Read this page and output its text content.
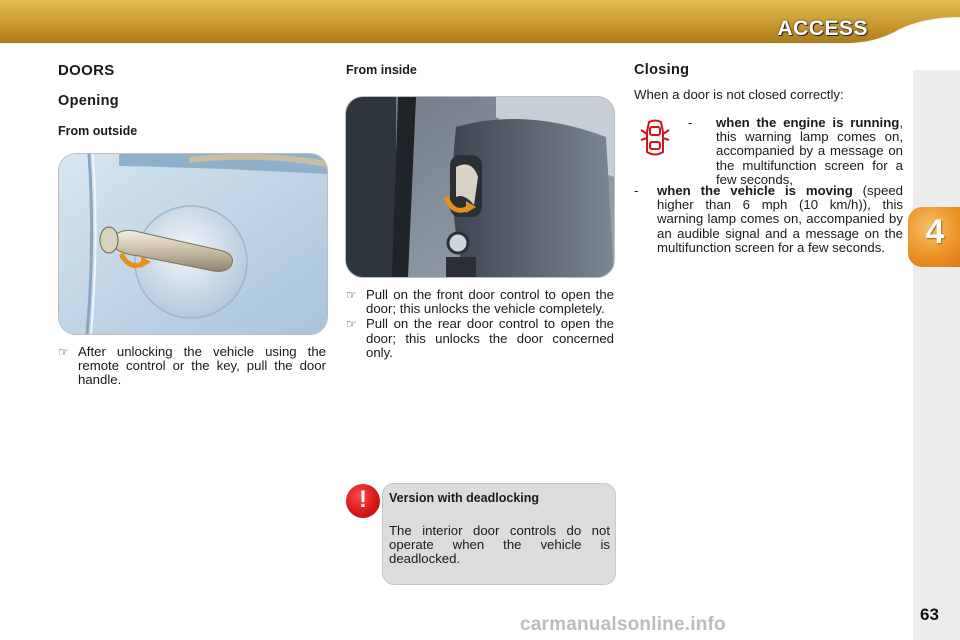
ACCESS
4
63
DOORS
Opening
From outside
☞ After unlocking the vehicle using the remote control or the key, pull the door handle.
From inside
☞ Pull on the front door control to open the door; this unlocks the vehicle completely.
☞ Pull on the rear door control to open the door; this unlocks the door concerned only.
!	Version with deadlocking
The interior door controls do not operate when the vehicle is deadlocked.
Closing
When a door is not closed correctly:
-	when the engine is running, this warning lamp comes on, accompanied by a message on the multifunction screen for a few seconds,
-	when the vehicle is moving (speed higher than 6 mph (10 km/h)), this warning lamp comes on, accompanied by an audible signal and a message on the multifunction screen for a few seconds.
carmanualsonline.info
